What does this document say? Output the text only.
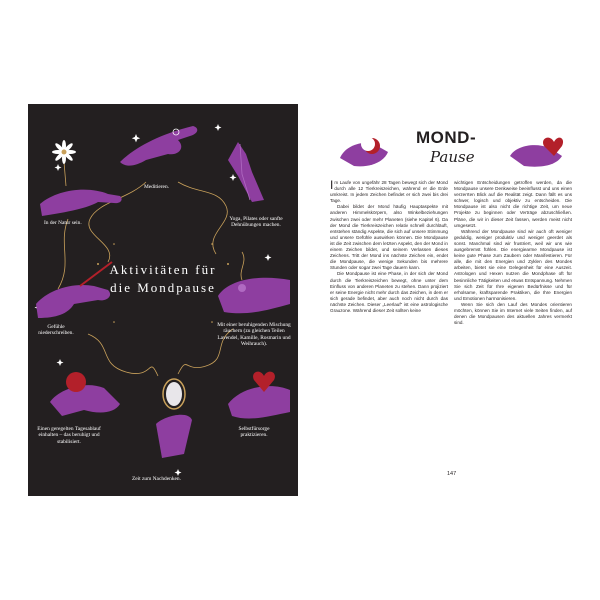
Aktivitäten für
die Mondpause
Meditieren.
In der Natur sein.
Yoga, Pilates oder sanfte Dehnübungen machen.
Gefühle niederschreiben.
Mit einer beruhigenden Mischung räuchern (zu gleichen Teilen Lavendel, Kamille, Rosmarin und Weihrauch).
Einen geregelten Tagesablauf einhalten – das beruhigt und stabilisiert.
Selbstfürsorge praktizieren.
Zeit zum Nachdenken.
MOND-
Pause

Im Laufe von ungefähr 28 Tagen bewegt sich der Mond durch alle 12 Tierkreiszeichen, während er die Erde umkreist. In jedem Zeichen befindet er sich zwei bis drei Tage.

Dabei bildet der Mond häufig Hauptaspekte mit anderen Himmelskörpern, also Winkelbeziehungen zwischen zwei oder mehr Planeten (siehe Kapitel 6). Da der Mond die Tierkreiszeichen relativ schnell durchläuft, entstehen ständig Aspekte, die sich auf unsere Stimmung und unsere Gefühle auswirken können. Die Mondpause ist die Zeit zwischen dem letzten Aspekt, den der Mond in einem Zeichen bildet, und seinem Verlassen dieses Zeichens. Tritt der Mond ins nächste Zeichen ein, endet die Mondpause, die wenige Sekunden bis mehrere Stunden oder sogar zwei Tage dauern kann.

Die Mondpause ist eine Phase, in der sich der Mond durch die Tierkreiszeichen bewegt, ohne unter dem Einfluss von anderen Planeten zu stehen. Dann projiziert er seine Energie nicht mehr durch das Zeichen, in dem er sich gerade befindet, aber auch noch nicht durch das nächste Zeichen. Dieser „Leerlauf“ ist eine astrologische Grauzone. Während dieser Zeit sollten keine

wichtigen Entscheidungen getroffen werden, da die Mondpause unsere Denkweise beeinflusst und uns einen verzerrten Blick auf die Realität zeigt. Dann fällt es uns schwer, logisch und objektiv zu entscheiden. Die Mondpause ist also nicht die richtige Zeit, um neue Projekte zu beginnen oder Verträge abzuschließen. Pläne, die wir in dieser Zeit fassen, werden meist nicht umgesetzt.

Während der Mondpause sind wir auch oft weniger geduldig, weniger produktiv und weniger geerdet als sonst. Manchmal sind wir frustriert, weil wir uns wie ausgebremst fühlen. Die energiearme Mondpause ist keine gute Phase zum Zaubern oder Manifestieren. Für alle, die mit den Energien und Zyklen des Mondes arbeiten, bietet sie eine Gelegenheit für eine Auszeit. Astrologen und Hexen nutzen die Mondphase oft für besinnliche Tätigkeiten und etwas Entspannung. Nehmen Sie sich Zeit für Ihre eigenen Bedürfnisse und für erholsame, kraftsparende Praktiken, die Ihre Energien und Emotionen harmonisieren.

Wenn Sie sich den Lauf des Mondes orientieren möchten, können Sie im Internet viele Seiten finden, auf denen die Mondpausen des aktuellen Jahres vermerkt sind.

147
